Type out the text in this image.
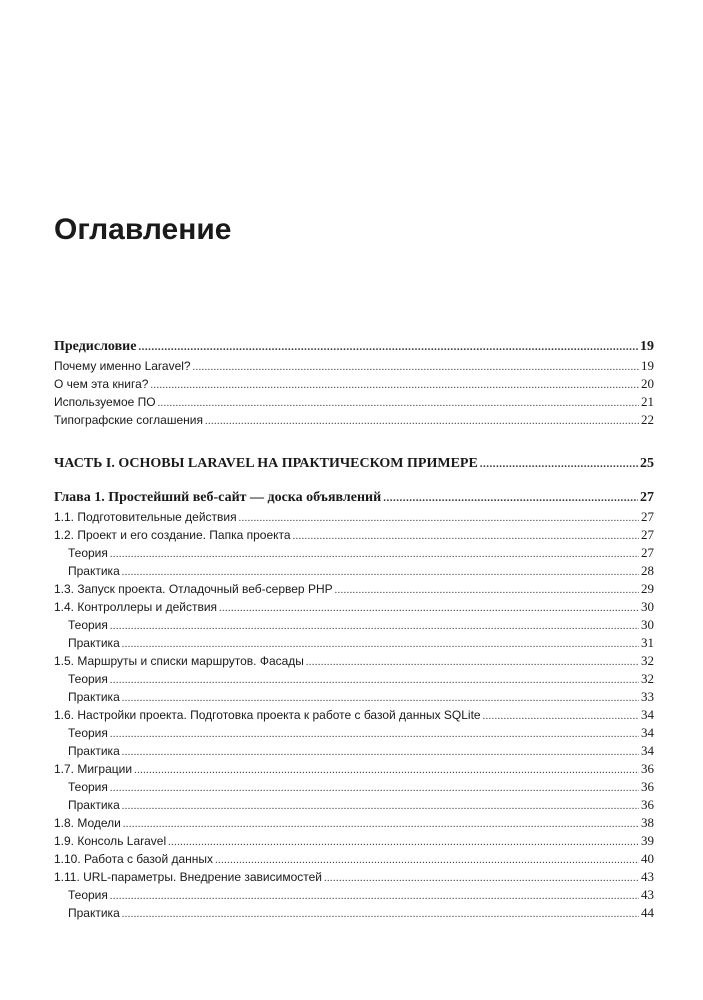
Оглавление
Предисловие .....	19
Почему именно Laravel? .....	19
О чем эта книга? .....	20
Используемое ПО .....	21
Типографские соглашения .....	22
ЧАСТЬ I. ОСНОВЫ LARAVEL НА ПРАКТИЧЕСКОМ ПРИМЕРЕ .....	25
Глава 1. Простейший веб-сайт — доска объявлений .....	27
1.1. Подготовительные действия .....	27
1.2. Проект и его создание. Папка проекта .....	27
Теория .....	27
Практика .....	28
1.3. Запуск проекта. Отладочный веб-сервер PHP .....	29
1.4. Контроллеры и действия .....	30
Теория .....	30
Практика .....	31
1.5. Маршруты и списки маршрутов. Фасады .....	32
Теория .....	32
Практика .....	33
1.6. Настройки проекта. Подготовка проекта к работе с базой данных SQLite .....	34
Теория .....	34
Практика .....	34
1.7. Миграции .....	36
Теория .....	36
Практика .....	36
1.8. Модели .....	38
1.9. Консоль Laravel .....	39
1.10. Работа с базой данных .....	40
1.11. URL-параметры. Внедрение зависимостей .....	43
Теория .....	43
Практика .....	44
